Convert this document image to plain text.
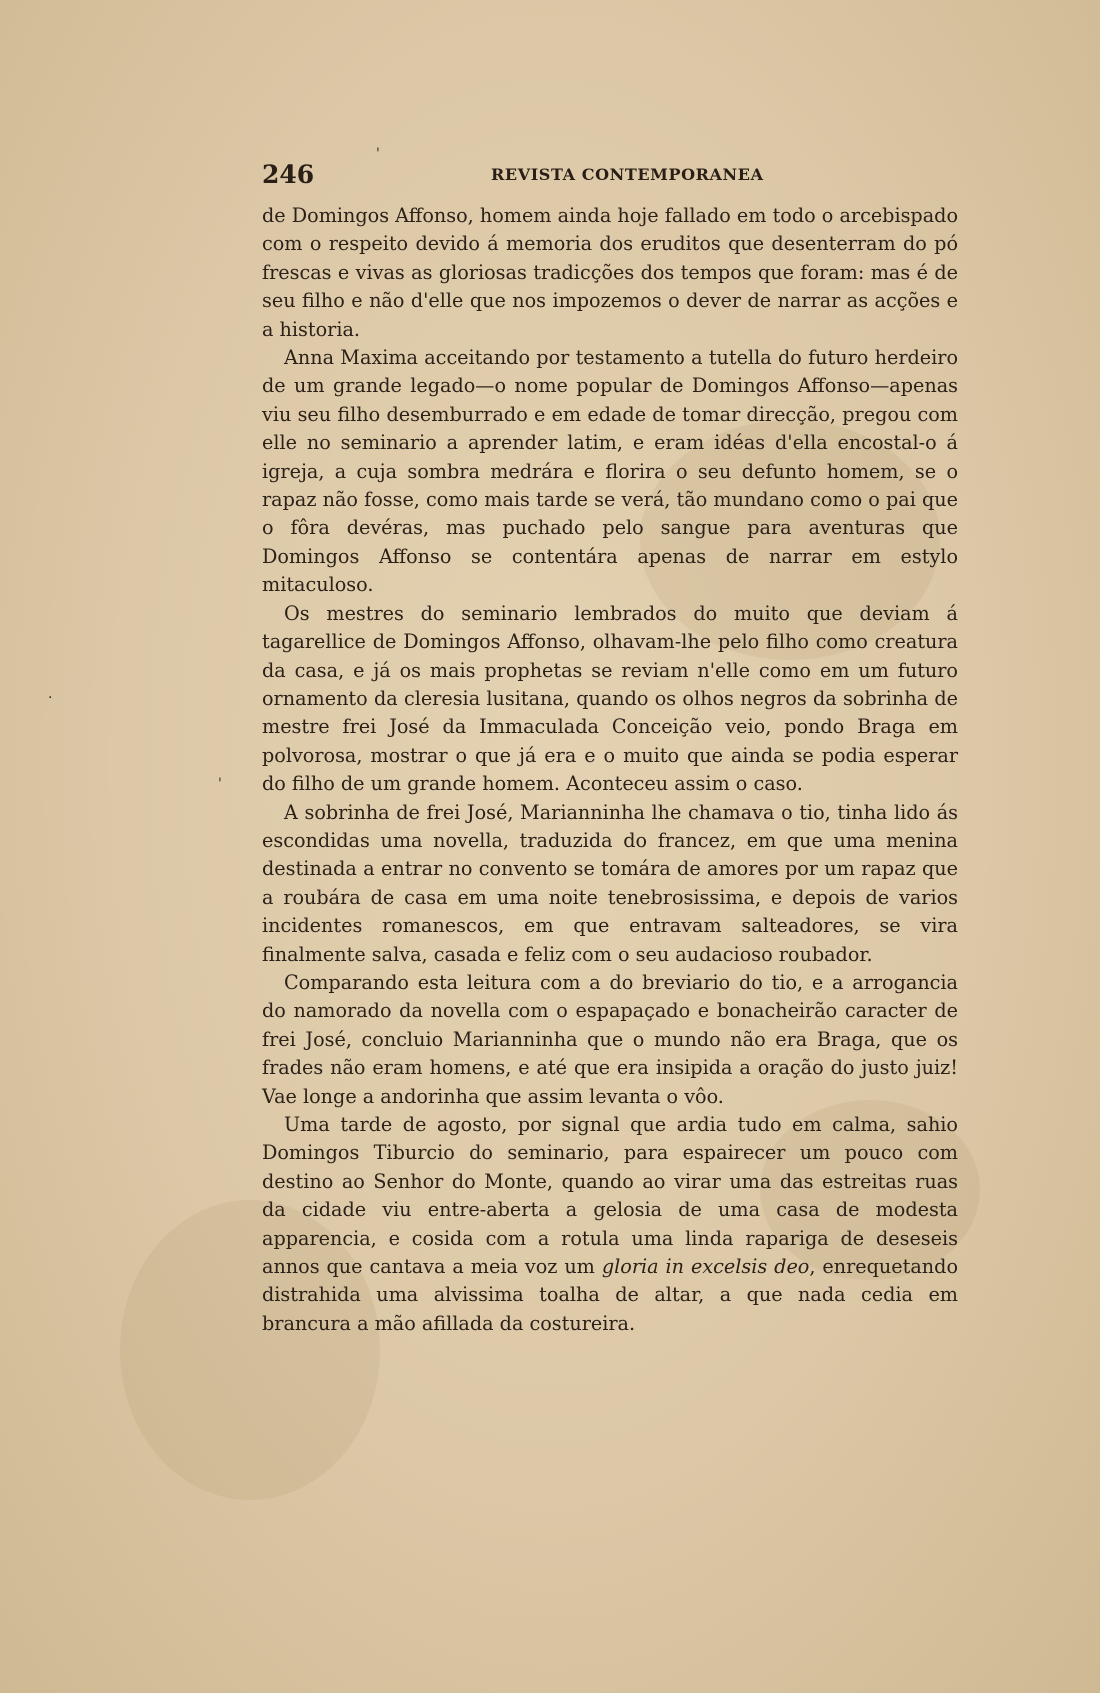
246	REVISTA CONTEMPORANEA

de Domingos Affonso, homem ainda hoje fallado em todo o arcebispado com o respeito devido á memoria dos eruditos que desenterram do pó frescas e vivas as gloriosas tradicções dos tempos que foram: mas é de seu filho e não d'elle que nos impozemos o dever de narrar as acções e a historia.

Anna Maxima acceitando por testamento a tutella do futuro herdeiro de um grande legado—o nome popular de Domingos Affonso—apenas viu seu filho desemburrado e em edade de tomar direcção, pregou com elle no seminario a aprender latim, e eram idéas d'ella encostal-o á igreja, a cuja sombra medrára e florira o seu defunto homem, se o rapaz não fosse, como mais tarde se verá, tão mundano como o pai que o fôra devéras, mas puchado pelo sangue para aventuras que Domingos Affonso se contentára apenas de narrar em estylo mitaculoso.

Os mestres do seminario lembrados do muito que deviam á tagarellice de Domingos Affonso, olhavam-lhe pelo filho como creatura da casa, e já os mais prophetas se reviam n'elle como em um futuro ornamento da cleresia lusitana, quando os olhos negros da sobrinha de mestre frei José da Immaculada Conceição veio, pondo Braga em polvorosa, mostrar o que já era e o muito que ainda se podia esperar do filho de um grande homem. Aconteceu assim o caso.

A sobrinha de frei José, Marianninha lhe chamava o tio, tinha lido ás escondidas uma novella, traduzida do francez, em que uma menina destinada a entrar no convento se tomára de amores por um rapaz que a roubára de casa em uma noite tenebrosissima, e depois de varios incidentes romanescos, em que entravam salteadores, se vira finalmente salva, casada e feliz com o seu audacioso roubador.

Comparando esta leitura com a do breviario do tio, e a arrogancia do namorado da novella com o espapaçado e bonacheirão caracter de frei José, concluio Marianninha que o mundo não era Braga, que os frades não eram homens, e até que era insipida a oração do justo juiz! Vae longe a andorinha que assim levanta o vôo.

Uma tarde de agosto, por signal que ardia tudo em calma, sahio Domingos Tiburcio do seminario, para espairecer um pouco com destino ao Senhor do Monte, quando ao virar uma das estreitas ruas da cidade viu entre-aberta a gelosia de uma casa de modesta apparencia, e cosida com a rotula uma linda rapariga de deseseis annos que cantava a meia voz um gloria in excelsis deo, enrequetando distrahida uma alvissima toalha de altar, a que nada cedia em brancura a mão afillada da costureira.

'
·
'
